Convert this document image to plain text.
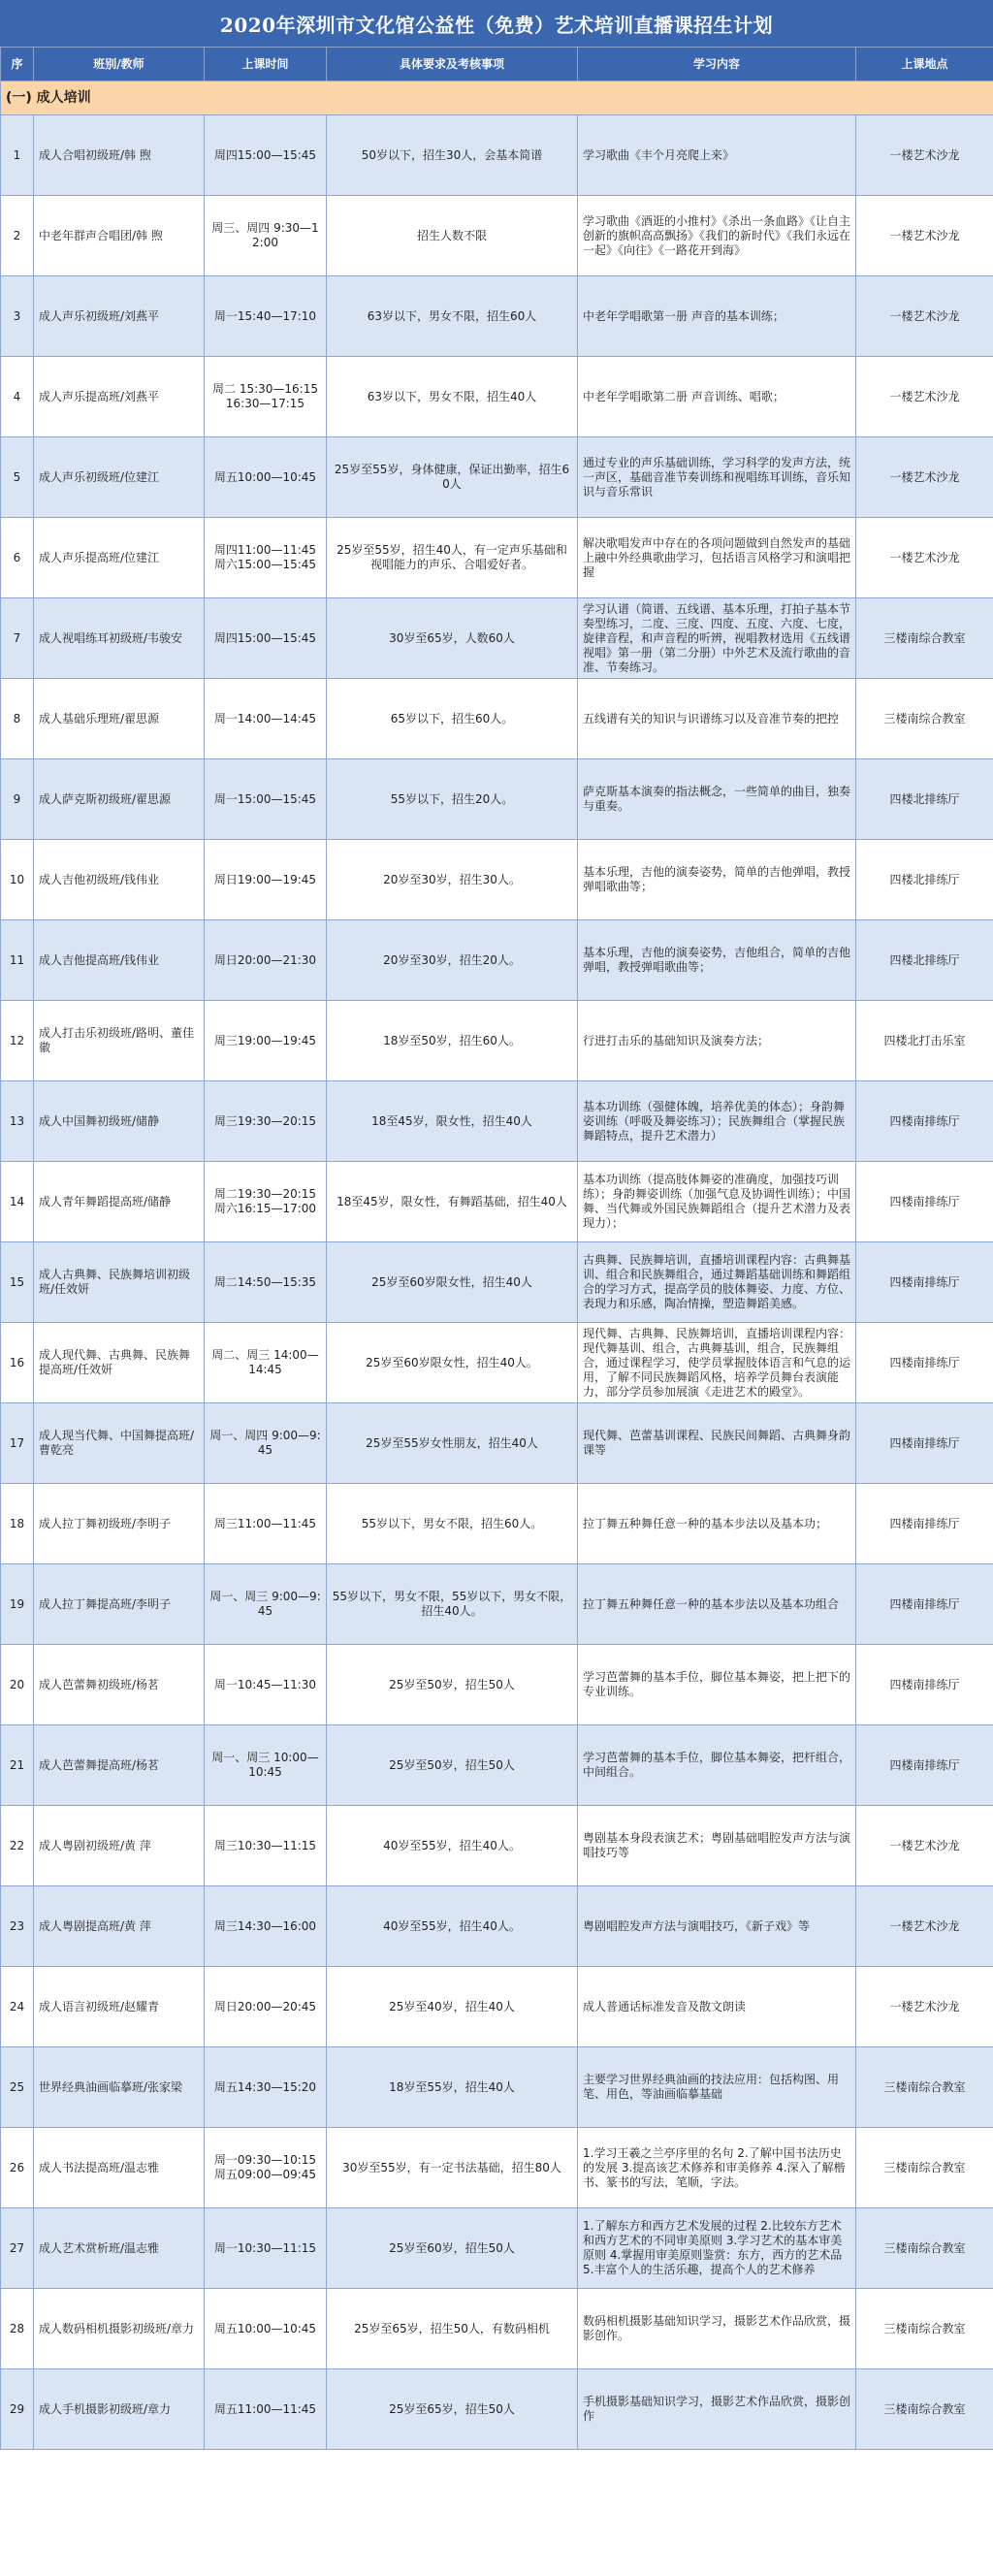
2020年深圳市文化馆公益性（免费）艺术培训直播课招生计划
序	班别/教师	上课时间	具体要求及考核事项	学习内容	上课地点
(一) 成人培训					
1	成人合唱初级班/韩 煦	周四15:00—15:45	50岁以下，招生30人，会基本简谱	学习歌曲《丰个月亮爬上来》	一楼艺术沙龙
2	中老年群声合唱团/韩 煦	周三、周四 9:30—12:00	招生人数不限	学习歌曲《酒逛的小推村》《杀出一条血路》《让自主创新的旗帜高高飘扬》《我们的新时代》《我们永远在一起》《向往》《一路花开到海》	一楼艺术沙龙
3	成人声乐初级班/刘燕平	周一15:40—17:10	63岁以下，男女不限，招生60人	中老年学唱歌第一册 声音的基本训练；	一楼艺术沙龙
4	成人声乐提高班/刘燕平	周二 15:30—16:15 16:30—17:15	63岁以下，男女不限，招生40人	中老年学唱歌第二册 声音训练、唱歌；	一楼艺术沙龙
5	成人声乐初级班/位建江	周五10:00—10:45	25岁至55岁，身体健康，保证出勤率，招生60人	通过专业的声乐基础训练，学习科学的发声方法，统一声区，基础音准节奏训练和视唱练耳训练，音乐知识与音乐常识	一楼艺术沙龙
6	成人声乐提高班/位建江	周四11:00—11:45 周六15:00—15:45	25岁至55岁，招生40人，有一定声乐基础和视唱能力的声乐、合唱爱好者。	解决歌唱发声中存在的各项问题做到自然发声的基础上融中外经典歌曲学习，包括语言风格学习和演唱把握	一楼艺术沙龙
7	成人视唱练耳初级班/韦骏安	周四15:00—15:45	30岁至65岁，人数60人	学习认谱（简谱、五线谱、基本乐理，打拍子基本节奏型练习，二度、三度、四度、五度、六度、七度，旋律音程，和声音程的听辨，视唱教材选用《五线谱视唱》第一册（第二分册）中外艺术及流行歌曲的音准、节奏练习。	三楼南综合教室
8	成人基础乐理班/翟思源	周一14:00—14:45	65岁以下，招生60人。	五线谱有关的知识与识谱练习以及音准节奏的把控	三楼南综合教室
9	成人萨克斯初级班/翟思源	周一15:00—15:45	55岁以下，招生20人。	萨克斯基本演奏的指法概念，一些简单的曲目，独奏与重奏。	四楼北排练厅
10	成人吉他初级班/钱伟业	周日19:00—19:45	20岁至30岁，招生30人。	基本乐理，吉他的演奏姿势，简单的吉他弹唱，教授弹唱歌曲等；	四楼北排练厅
11	成人吉他提高班/钱伟业	周日20:00—21:30	20岁至30岁，招生20人。	基本乐理，吉他的演奏姿势，吉他组合，简单的吉他弹唱，教授弹唱歌曲等；	四楼北排练厅
12	成人打击乐初级班/路明、董佳徽	周三19:00—19:45	18岁至50岁，招生60人。	行进打击乐的基础知识及演奏方法；	四楼北打击乐室
13	成人中国舞初级班/储静	周三19:30—20:15	18至45岁，限女性，招生40人	基本功训练（强健体魄，培养优美的体态）；身韵舞姿训练（呼吸及舞姿练习）；民族舞组合（掌握民族舞蹈特点，提升艺术潜力）	四楼南排练厅
14	成人青年舞蹈提高班/储静	周二19:30—20:15周六16:15—17:00	18至45岁，限女性，有舞蹈基础，招生40人	基本功训练（提高肢体舞姿的准确度，加强技巧训练）；身韵舞姿训练（加强气息及协调性训练）；中国舞、当代舞或外国民族舞蹈组合（提升艺术潜力及表现力）；	四楼南排练厅
15	成人古典舞、民族舞培训初级班/任效妍	周二14:50—15:35	25岁至60岁限女性，招生40人	古典舞、民族舞培训，直播培训课程内容：古典舞基训、组合和民族舞组合，通过舞蹈基础训练和舞蹈组合的学习方式，提高学员的肢体舞姿、力度、方位、表现力和乐感，陶冶情操，塑造舞蹈美感。	四楼南排练厅
16	成人现代舞、古典舞、民族舞提高班/任效妍	周二、周三 14:00—14:45	25岁至60岁限女性，招生40人。	现代舞、古典舞、民族舞培训，直播培训课程内容：现代舞基训、组合，古典舞基训，组合，民族舞组合，通过课程学习，使学员掌握肢体语言和气息的运用，了解不同民族舞蹈风格，培养学员舞台表演能力，部分学员参加展演《走进艺术的殿堂》。	四楼南排练厅
17	成人现当代舞、中国舞提高班/曹乾亮	周一、周四 9:00—9:45	25岁至55岁女性朋友，招生40人	现代舞、芭蕾基训课程、民族民间舞蹈、古典舞身韵课等	四楼南排练厅
18	成人拉丁舞初级班/李明子	周三11:00—11:45	55岁以下，男女不限，招生60人。	拉丁舞五种舞任意一种的基本步法以及基本功；	四楼南排练厅
19	成人拉丁舞提高班/李明子	周一、周三 9:00—9:45	55岁以下，男女不限，55岁以下，男女不限，招生40人。	拉丁舞五种舞任意一种的基本步法以及基本功组合	四楼南排练厅
20	成人芭蕾舞初级班/杨茗	周一10:45—11:30	25岁至50岁，招生50人	学习芭蕾舞的基本手位，脚位基本舞姿，把上把下的专业训练。	四楼南排练厅
21	成人芭蕾舞提高班/杨茗	周一、周三 10:00—10:45	25岁至50岁，招生50人	学习芭蕾舞的基本手位，脚位基本舞姿，把杆组合，中间组合。	四楼南排练厅
22	成人粤剧初级班/黄 萍	周三10:30—11:15	40岁至55岁，招生40人。	粤剧基本身段表演艺术；粤剧基础唱腔发声方法与演唱技巧等	一楼艺术沙龙
23	成人粤剧提高班/黄 萍	周三14:30—16:00	40岁至55岁，招生40人。	粤剧唱腔发声方法与演唱技巧，《新子戏》等	一楼艺术沙龙
24	成人语言初级班/赵耀青	周日20:00—20:45	25岁至40岁，招生40人	成人普通话标准发音及散文朗读	一楼艺术沙龙
25	世界经典油画临摹班/张家梁	周五14:30—15:20	18岁至55岁，招生40人	主要学习世界经典油画的技法应用：包括构图、用笔、用色，等油画临摹基础	三楼南综合教室
26	成人书法提高班/温志雅	周一09:30—10:15周五09:00—09:45	30岁至55岁，有一定书法基础，招生80人	1.学习王羲之兰亭序里的名句 2.了解中国书法历史的发展 3.提高该艺术修养和审美修养 4.深入了解楷书、篆书的写法，笔顺，字法。	三楼南综合教室
27	成人艺术赏析班/温志雅	周一10:30—11:15	25岁至60岁，招生50人	1.了解东方和西方艺术发展的过程 2.比较东方艺术和西方艺术的不同审美原则 3.学习艺术的基本审美原则 4.掌握用审美原则鉴赏：东方，西方的艺术品 5.丰富个人的生活乐趣，提高个人的艺术修养	三楼南综合教室
28	成人数码相机摄影初级班/章力	周五10:00—10:45	25岁至65岁，招生50人，有数码相机	数码相机摄影基础知识学习，摄影艺术作品欣赏，摄影创作。	三楼南综合教室
29	成人手机摄影初级班/章力	周五11:00—11:45	25岁至65岁，招生50人	手机摄影基础知识学习，摄影艺术作品欣赏，摄影创作	三楼南综合教室
